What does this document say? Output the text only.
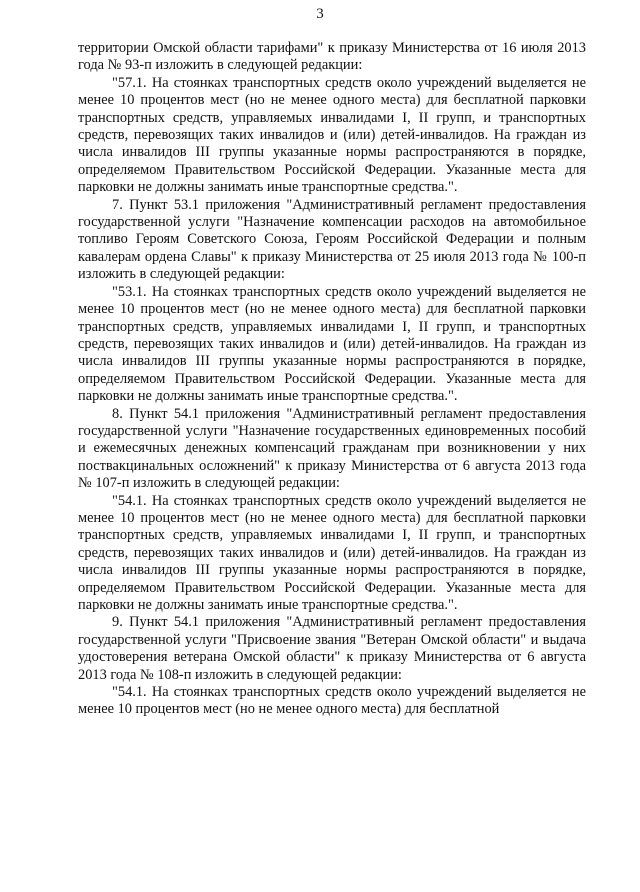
3

территории Омской области тарифами" к приказу Министерства от 16 июля 2013 года № 93-п изложить в следующей редакции:

"57.1. На стоянках транспортных средств около учреждений выделяется не менее 10 процентов мест (но не менее одного места) для бесплатной парковки транспортных средств, управляемых инвалидами I, II групп, и транспортных средств, перевозящих таких инвалидов и (или) детей-инвалидов. На граждан из числа инвалидов III группы указанные нормы распространяются в порядке, определяемом Правительством Российской Федерации. Указанные места для парковки не должны занимать иные транспортные средства.".

7. Пункт 53.1 приложения "Административный регламент предоставления государственной услуги "Назначение компенсации расходов на автомобильное топливо Героям Советского Союза, Героям Российской Федерации и полным кавалерам ордена Славы" к приказу Министерства от 25 июля 2013 года № 100-п изложить в следующей редакции:

"53.1. На стоянках транспортных средств около учреждений выделяется не менее 10 процентов мест (но не менее одного места) для бесплатной парковки транспортных средств, управляемых инвалидами I, II групп, и транспортных средств, перевозящих таких инвалидов и (или) детей-инвалидов. На граждан из числа инвалидов III группы указанные нормы распространяются в порядке, определяемом Правительством Российской Федерации. Указанные места для парковки не должны занимать иные транспортные средства.".

8. Пункт 54.1 приложения "Административный регламент предоставления государственной услуги "Назначение государственных единовременных пособий и ежемесячных денежных компенсаций гражданам при возникновении у них поствакцинальных осложнений" к приказу Министерства от 6 августа 2013 года № 107-п изложить в следующей редакции:

"54.1. На стоянках транспортных средств около учреждений выделяется не менее 10 процентов мест (но не менее одного места) для бесплатной парковки транспортных средств, управляемых инвалидами I, II групп, и транспортных средств, перевозящих таких инвалидов и (или) детей-инвалидов. На граждан из числа инвалидов III группы указанные нормы распространяются в порядке, определяемом Правительством Российской Федерации. Указанные места для парковки не должны занимать иные транспортные средства.".

9. Пункт 54.1 приложения "Административный регламент предоставления государственной услуги "Присвоение звания "Ветеран Омской области" и выдача удостоверения ветерана Омской области" к приказу Министерства от 6 августа 2013 года № 108-п изложить в следующей редакции:

"54.1. На стоянках транспортных средств около учреждений выделяется не менее 10 процентов мест (но не менее одного места) для бесплатной
